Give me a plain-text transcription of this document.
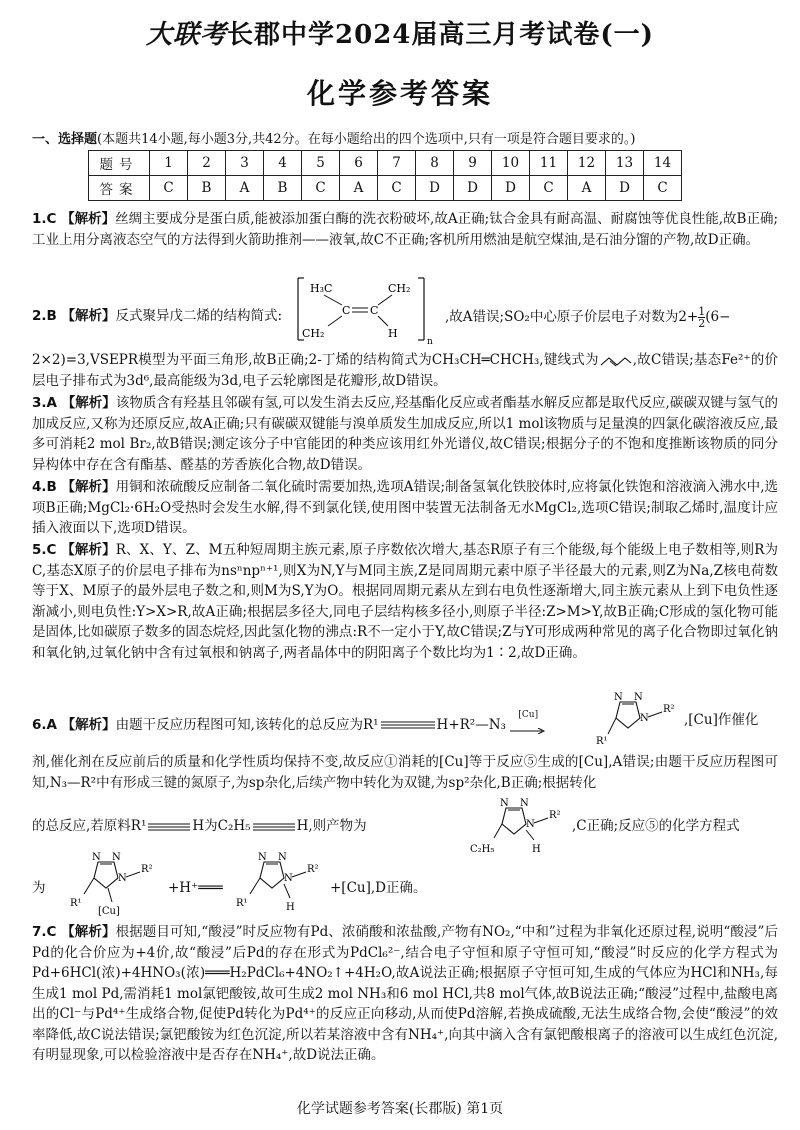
大联考长郡中学2024届高三月考试卷(一)
化学参考答案
一、选择题(本题共14小题,每小题3分,共42分。在每小题给出的四个选项中,只有一项是符合题目要求的。)
题号	1	2	3	4	5	6	7	8	9	10	11	12	13	14
答案	C	B	A	B	C	A	C	D	D	D	C	A	D	C
1.C 【解析】丝绸主要成分是蛋白质,能被添加蛋白酶的洗衣粉破坏,故A正确;钛合金具有耐高温、耐腐蚀等优良性能,故B正确;工业上用分离液态空气的方法得到火箭助推剂——液氧,故C不正确;客机所用燃油是航空煤油,是石油分馏的产物,故D正确。
2.B 【解析】反式聚异戊二烯的结构简式:
H₃C	CH₂
C C
CH₂	H
n
,故A错误;SO₂中心原子价层电子对数为$2+ \frac{1}{2} (6-$
2×2)=3,VSEPR模型为平面三角形,故B正确;2-丁烯的结构简式为CH₃CH═CHCH₃,键线式为	,故C错误;基态Fe²⁺的价层电子排布式为3d⁶,最高能级为3d,电子云轮廓图是花瓣形,故D错误。
3.A 【解析】该物质含有羟基且邻碳有氢,可以发生消去反应,羟基酯化反应或者酯基水解反应都是取代反应,碳碳双键与氢气的加成反应,又称为还原反应,故A正确;只有碳碳双键能与溴单质发生加成反应,所以1 mol该物质与足量溴的四氯化碳溶液反应,最多可消耗2 mol Br₂,故B错误;测定该分子中官能团的种类应该用红外光谱仪,故C错误;根据分子的不饱和度推断该物质的同分异构体中存在含有酯基、醛基的芳香族化合物,故D错误。
4.B 【解析】用铜和浓硫酸反应制备二氧化硫时需要加热,选项A错误;制备氢氧化铁胶体时,应将氯化铁饱和溶液滴入沸水中,选项B正确;MgCl₂·6H₂O受热时会发生水解,得不到氯化镁,使用图中装置无法制备无水MgCl₂,选项C错误;制取乙烯时,温度计应插入液面以下,选项D错误。
5.C 【解析】R、X、Y、Z、M五种短周期主族元素,原子序数依次增大,基态R原子有三个能级,每个能级上电子数相等,则R为C,基态X原子的价层电子排布为nsⁿnpⁿ⁺¹,则X为N,Y与M同主族,Z是同周期元素中原子半径最大的元素,则Z为Na,Z核电荷数等于X、M原子的最外层电子数之和,则M为S,Y为O。根据同周期元素从左到右电负性逐渐增大,同主族元素从上到下电负性逐渐减小,则电负性:Y>X>R,故A正确;根据层多径大,同电子层结构核多径小,则原子半径:Z>M>Y,故B正确;C形成的氢化物可能是固体,比如碳原子数多的固态烷烃,因此氢化物的沸点:R不一定小于Y,故C错误;Z与Y可形成两种常见的离子化合物即过氧化钠和氧化钠,过氧化钠中含有过氧根和钠离子,两者晶体中的阴阳离子个数比均为1∶2,故D正确。
6.A 【解析】由题干反应历程图可知,该转化的总反应为R¹	H+R²—N₃
[Cu]
N N
N
R²
R¹
,[Cu]作催化
剂,催化剂在反应前后的质量和化学性质均保持不变,故反应①消耗的[Cu]等于反应⑤生成的[Cu],A错误;由题干反应历程图可知,N₃—R²中有形成三键的氮原子,为sp杂化,后续产物中转化为双键,为sp²杂化,B正确;根据转化
的总反应,若原料R¹	H为C₂H₅	H,则产物为
N N
N
R²
C₂H₅	H
,C正确;反应⑤的化学方程式
为
N N
N
R²
R¹
[Cu]
+H⁺═══
N N
N
R²
R¹	H
+[Cu],D正确。
7.C 【解析】根据题目可知,“酸浸”时反应物有Pd、浓硝酸和浓盐酸,产物有NO₂,“中和”过程为非氧化还原过程,说明“酸浸”后Pd的化合价应为+4价,故“酸浸”后Pd的存在形式为PdCl₆²⁻,结合电子守恒和原子守恒可知,“酸浸”时反应的化学方程式为Pd+6HCl(浓)+4HNO₃(浓)═══H₂PdCl₆+4NO₂↑+4H₂O,故A说法正确;根据原子守恒可知,生成的气体应为HCl和NH₃,每生成1 mol Pd,需消耗1 mol氯钯酸铵,故可生成2 mol NH₃和6 mol HCl,共8 mol气体,故B说法正确;“酸浸”过程中,盐酸电离出的Cl⁻与Pd⁴⁺生成络合物,促使Pd转化为Pd⁴⁺的反应正向移动,从而使Pd溶解,若换成硫酸,无法生成络合物,会使“酸浸”的效率降低,故C说法错误;氯钯酸铵为红色沉淀,所以若某溶液中含有NH₄⁺,向其中滴入含有氯钯酸根离子的溶液可以生成红色沉淀,有明显现象,可以检验溶液中是否存在NH₄⁺,故D说法正确。
化学试题参考答案(长郡版) 第1页
